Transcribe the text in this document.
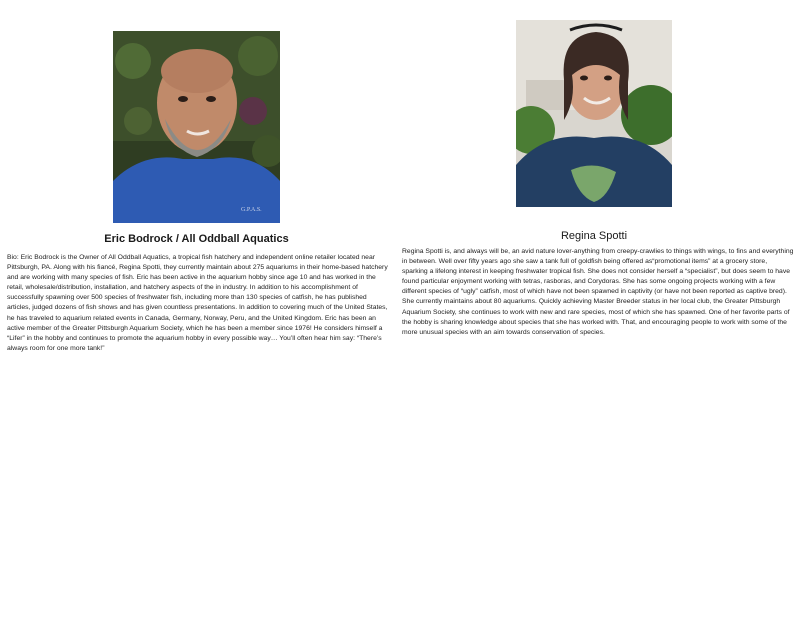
G.P.A.S.
Eric Bodrock / All Oddball Aquatics
Bio: Eric Bodrock is the Owner of All Oddball Aquatics, a tropical fish hatchery and independent online retailer located near Pittsburgh, PA. Along with his fiancé, Regina Spotti, they currently maintain about 275 aquariums in their home-based hatchery and are working with many species of fish. Eric has been active in the aquarium hobby since age 10 and has worked in the retail, wholesale/distribution, installation, and hatchery aspects of the in industry. In addition to his accomplishment of successfully spawning over 500 species of freshwater fish, including more than 130 species of catfish, he has published articles, judged dozens of fish shows and has given countless presentations. In addition to covering much of the United States, he has traveled to aquarium related events in Canada, Germany, Norway, Peru, and the United Kingdom. Eric has been an active member of the Greater Pittsburgh Aquarium Society, which he has been a member since 1976! He considers himself a “Lifer” in the hobby and continues to promote the aquarium hobby in every possible way… You’ll often hear him say: “There’s always room for one more tank!”
Regina Spotti
Regina Spotti is, and always will be, an avid nature lover-anything from creepy-crawlies to things with wings, to fins and everything in between. Well over fifty years ago she saw a tank full of goldfish being offered as“promotional items” at a grocery store, sparking a lifelong interest in keeping freshwater tropical fish. She does not consider herself a “specialist”, but does seem to have found particular enjoyment working with tetras, rasboras, and Corydoras. She has some ongoing projects working with a few different species of “ugly” catfish, most of which have not been spawned in captivity (or have not been reported as captive bred). She currently maintains about 80 aquariums. Quickly achieving Master Breeder status in her local club, the Greater Pittsburgh Aquarium Society, she continues to work with new and rare species, most of which she has spawned. One of her favorite parts of the hobby is sharing knowledge about species that she has worked with. That, and encouraging people to work with some of the more unusual species with an aim towards conservation of species.
